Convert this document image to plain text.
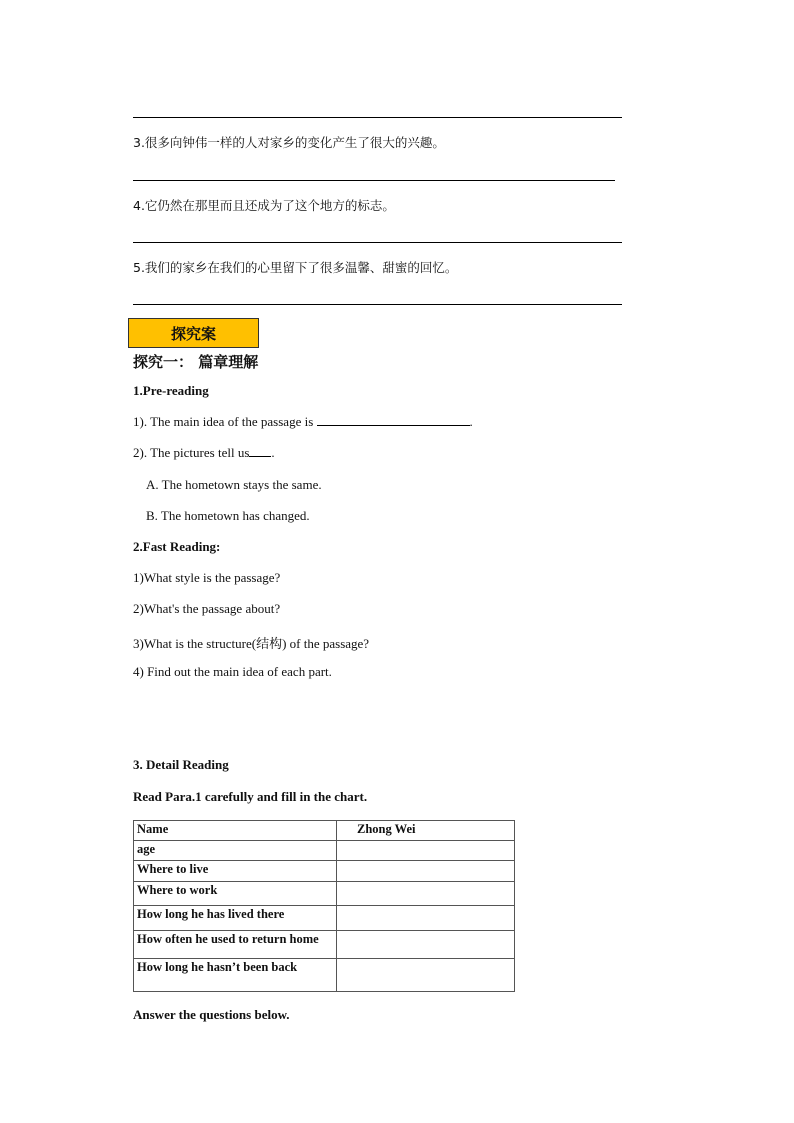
3.很多向钟伟一样的人对家乡的变化产生了很大的兴趣。
4.它仍然在那里而且还成为了这个地方的标志。
5.我们的家乡在我们的心里留下了很多温馨、甜蜜的回忆。
探究案
探究一： 篇章理解
1.Pre-reading
1). The main idea of the passage is	.
2). The pictures tell us .
A. The hometown stays the same.
B. The hometown has changed.
2.Fast Reading:
1)What style is the passage?
2)What's the passage about?
3)What is the structure(结构) of the passage?
4) Find out the main idea of each part.
3. Detail Reading
Read Para.1 carefully and fill in the chart.
Name	Zhong Wei
age	
Where to live	
Where to work	
How long he has lived there	
How often he used to return home	
How long he hasn’t been back	
Answer the questions below.
